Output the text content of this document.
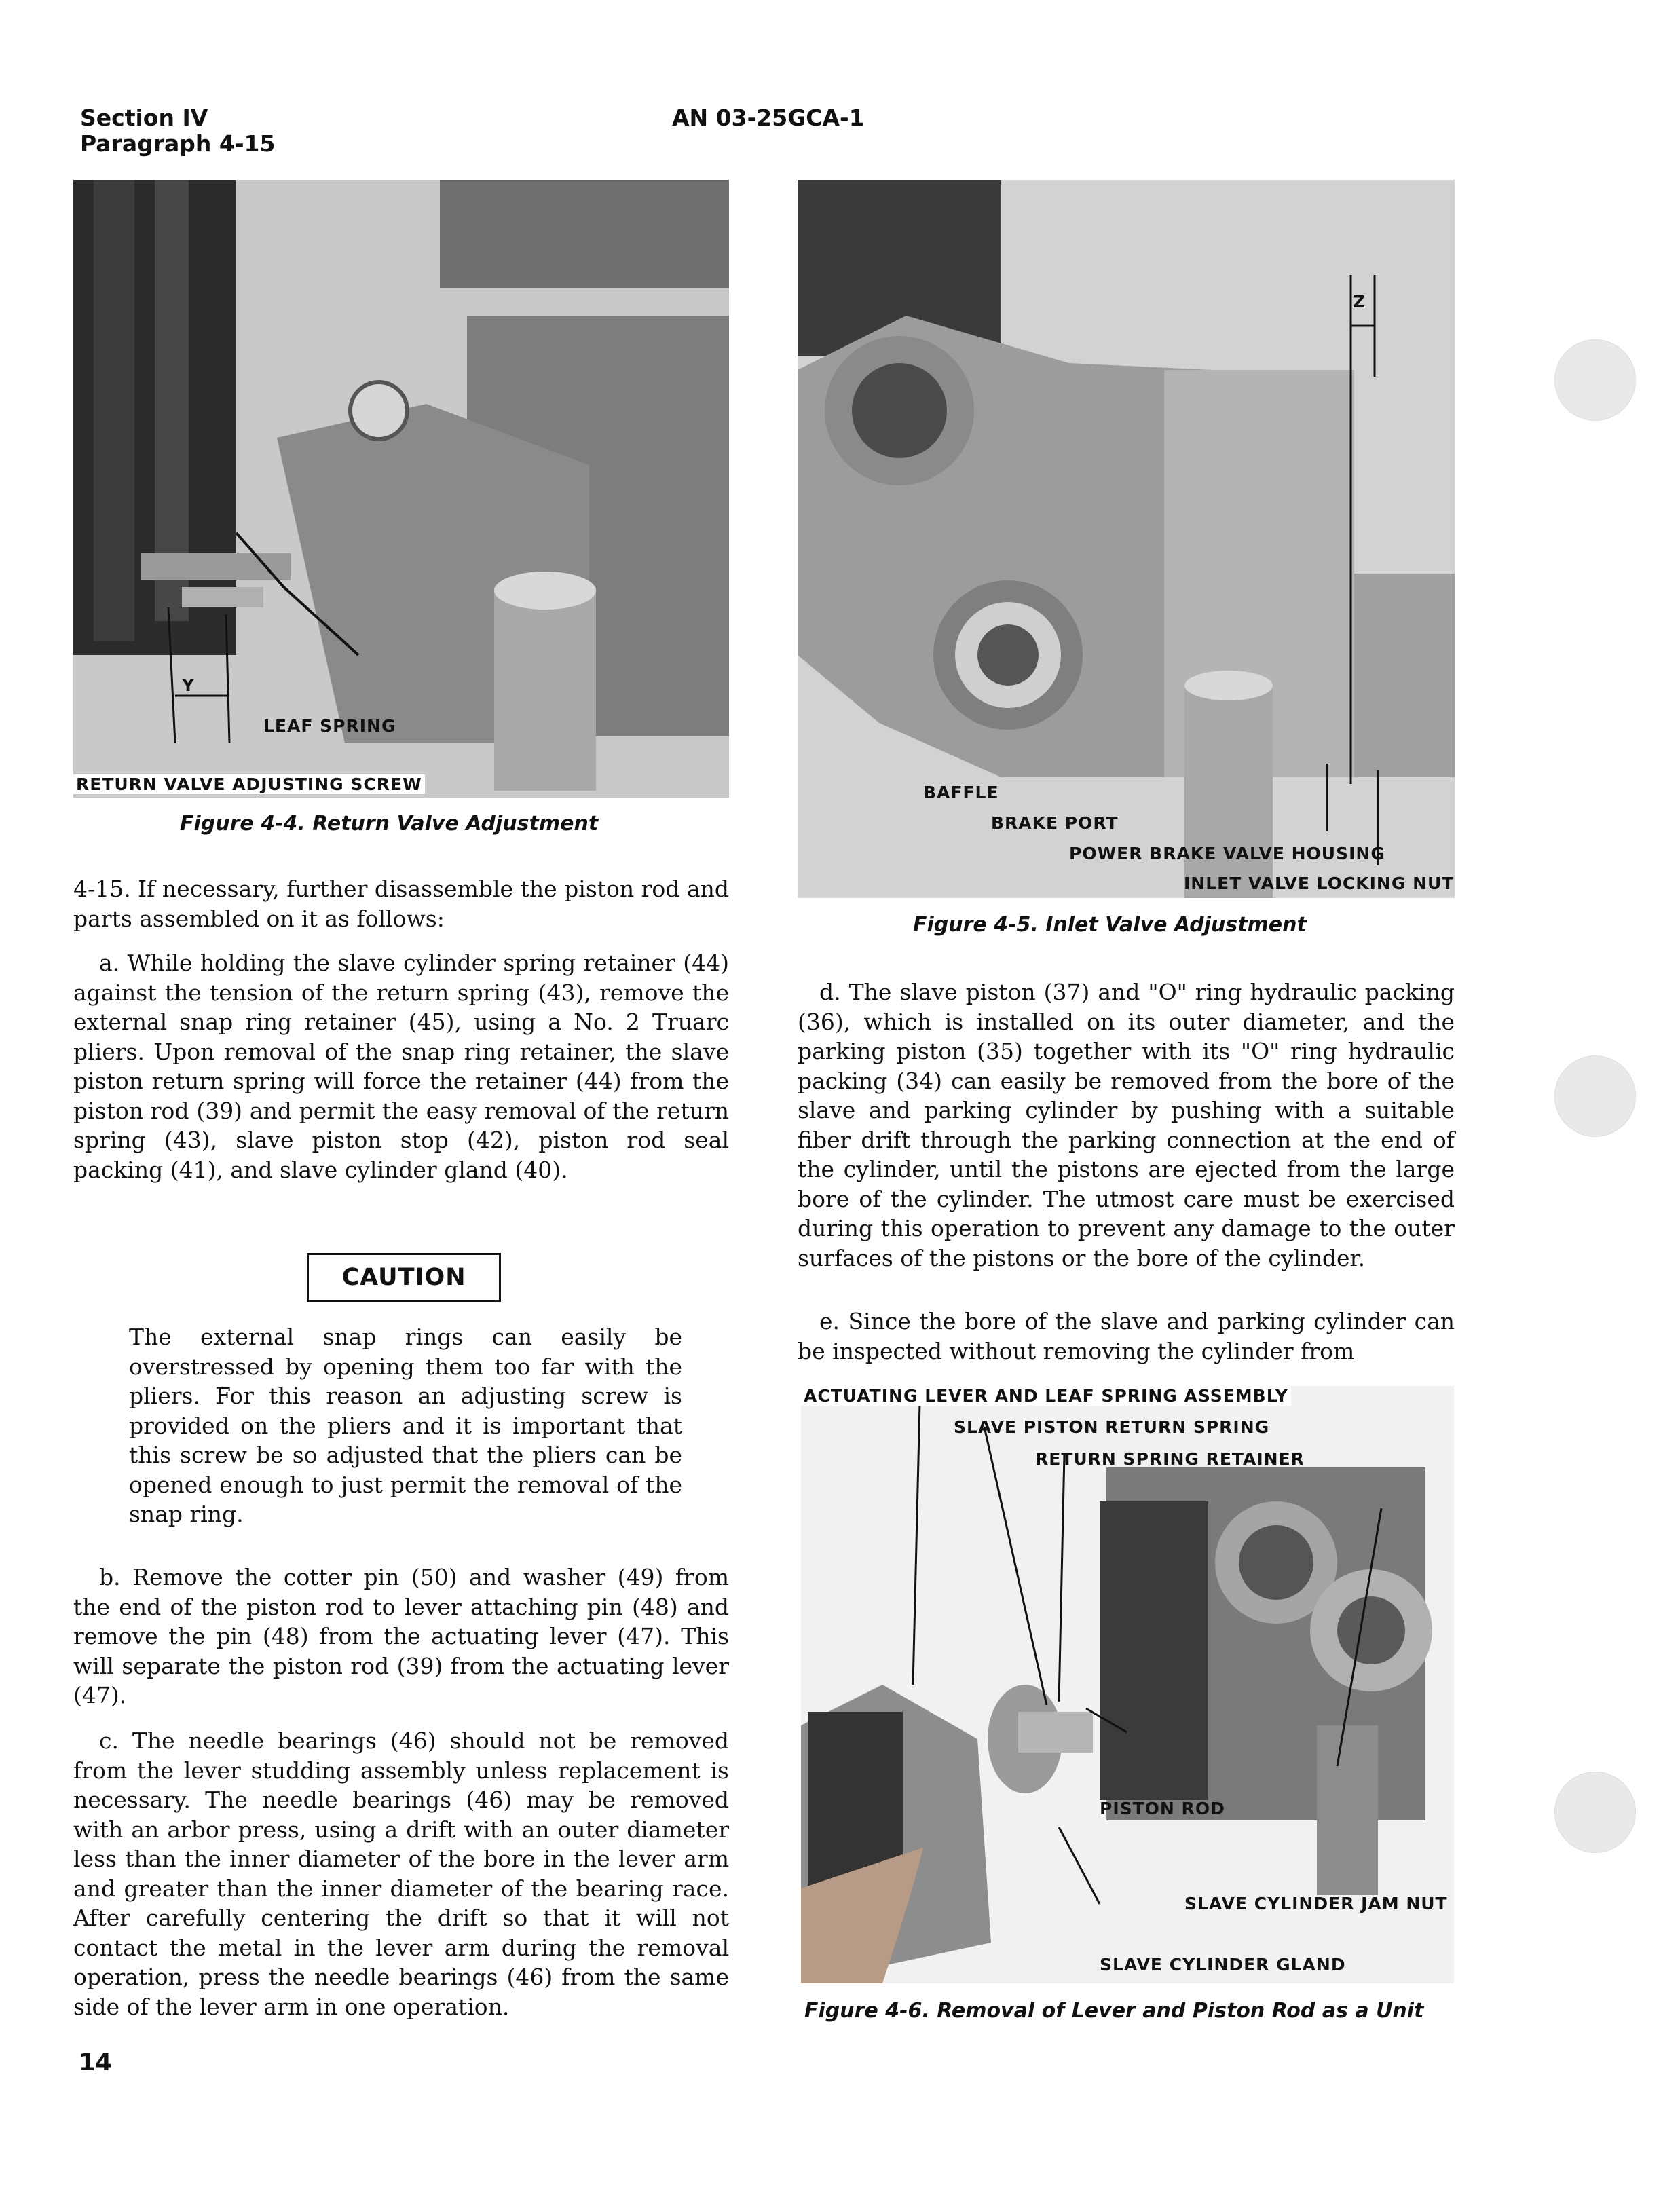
Section IV
Paragraph 4-15
AN 03-25GCA-1
Y
LEAF SPRING
RETURN VALVE ADJUSTING SCREW
Figure 4-4. Return Valve Adjustment
Z
BAFFLE
BRAKE PORT
POWER BRAKE VALVE HOUSING
INLET VALVE LOCKING NUT
Figure 4-5. Inlet Valve Adjustment

4-15. If necessary, further disassemble the piston rod and parts assembled on it as follows:

a. While holding the slave cylinder spring retainer (44) against the tension of the return spring (43), remove the external snap ring retainer (45), using a No. 2 Truarc pliers. Upon removal of the snap ring retainer, the slave piston return spring will force the retainer (44) from the piston rod (39) and permit the easy removal of the return spring (43), slave piston stop (42), piston rod seal packing (41), and slave cylinder gland (40).

CAUTION

The external snap rings can easily be overstressed by opening them too far with the pliers. For this reason an adjusting screw is provided on the pliers and it is important that this screw be so adjusted that the pliers can be opened enough to just permit the removal of the snap ring.

b. Remove the cotter pin (50) and washer (49) from the end of the piston rod to lever attaching pin (48) and remove the pin (48) from the actuating lever (47). This will separate the piston rod (39) from the actuating lever (47).

c. The needle bearings (46) should not be removed from the lever studding assembly unless replacement is necessary. The needle bearings (46) may be removed with an arbor press, using a drift with an outer diameter less than the inner diameter of the bore in the lever arm and greater than the inner diameter of the bearing race. After carefully centering the drift so that it will not contact the metal in the lever arm during the removal operation, press the needle bearings (46) from the same side of the lever arm in one operation.

d. The slave piston (37) and "O" ring hydraulic packing (36), which is installed on its outer diameter, and the parking piston (35) together with its "O" ring hydraulic packing (34) can easily be removed from the bore of the slave and parking cylinder by pushing with a suitable fiber drift through the parking connection at the end of the cylinder, until the pistons are ejected from the large bore of the cylinder. The utmost care must be exercised during this operation to prevent any damage to the outer surfaces of the pistons or the bore of the cylinder.

e. Since the bore of the slave and parking cylinder can be inspected without removing the cylinder from

ACTUATING LEVER AND LEAF SPRING ASSEMBLY
SLAVE PISTON RETURN SPRING
RETURN SPRING RETAINER
PISTON ROD
SLAVE CYLINDER JAM NUT
SLAVE CYLINDER GLAND
Figure 4-6. Removal of Lever and Piston Rod as a Unit
14
